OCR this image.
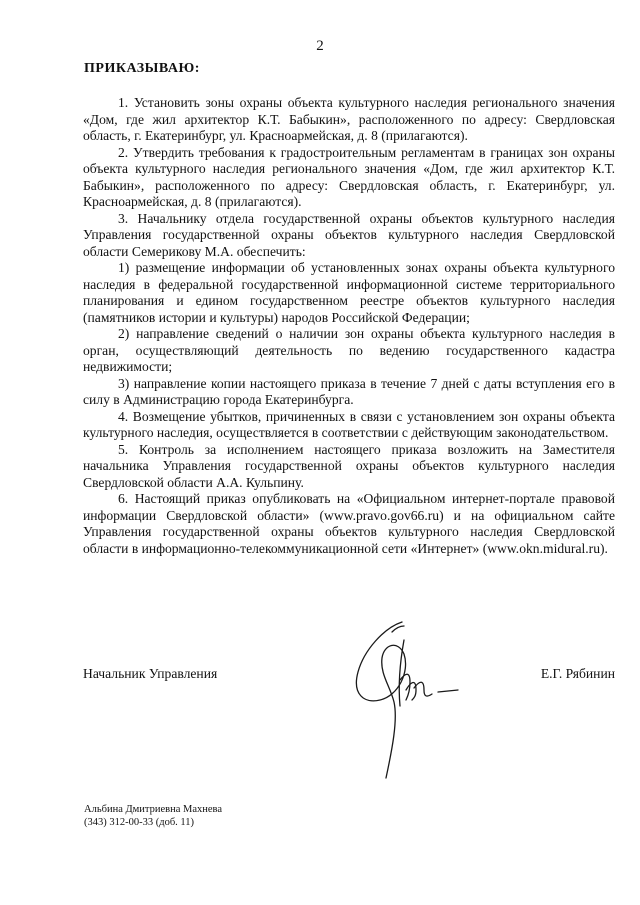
2
ПРИКАЗЫВАЮ:

1. Установить зоны охраны объекта культурного наследия регионального значения «Дом, где жил архитектор К.Т. Бабыкин», расположенного по адресу: Свердловская область, г. Екатеринбург, ул. Красноармейская, д. 8 (прилагаются).

2. Утвердить требования к градостроительным регламентам в границах зон охраны объекта культурного наследия регионального значения «Дом, где жил архитектор К.Т. Бабыкин», расположенного по адресу: Свердловская область, г. Екатеринбург, ул. Красноармейская, д. 8 (прилагаются).

3. Начальнику отдела государственной охраны объектов культурного наследия Управления государственной охраны объектов культурного наследия Свердловской области Семерикову М.А. обеспечить:

1) размещение информации об установленных зонах охраны объекта культурного наследия в федеральной государственной информационной системе территориального планирования и едином государственном реестре объектов культурного наследия (памятников истории и культуры) народов Российской Федерации;

2) направление сведений о наличии зон охраны объекта культурного наследия в орган, осуществляющий деятельность по ведению государственного кадастра недвижимости;

3) направление копии настоящего приказа в течение 7 дней с даты вступления его в силу в Администрацию города Екатеринбурга.

4. Возмещение убытков, причиненных в связи с установлением зон охраны объекта культурного наследия, осуществляется в соответствии с действующим законодательством.

5. Контроль за исполнением настоящего приказа возложить на Заместителя начальника Управления государственной охраны объектов культурного наследия Свердловской области А.А. Кульпину.

6. Настоящий приказ опубликовать на «Официальном интернет-портале правовой информации Свердловской области» (www.pravo.gov66.ru) и на официальном сайте Управления государственной охраны объектов культурного наследия Свердловской области в информационно-телекоммуникационной сети «Интернет» (www.okn.midural.ru).

Начальник Управления	Е.Г. Рябинин
Альбина Дмитриевна Махнева
(343) 312-00-33 (доб. 11)
